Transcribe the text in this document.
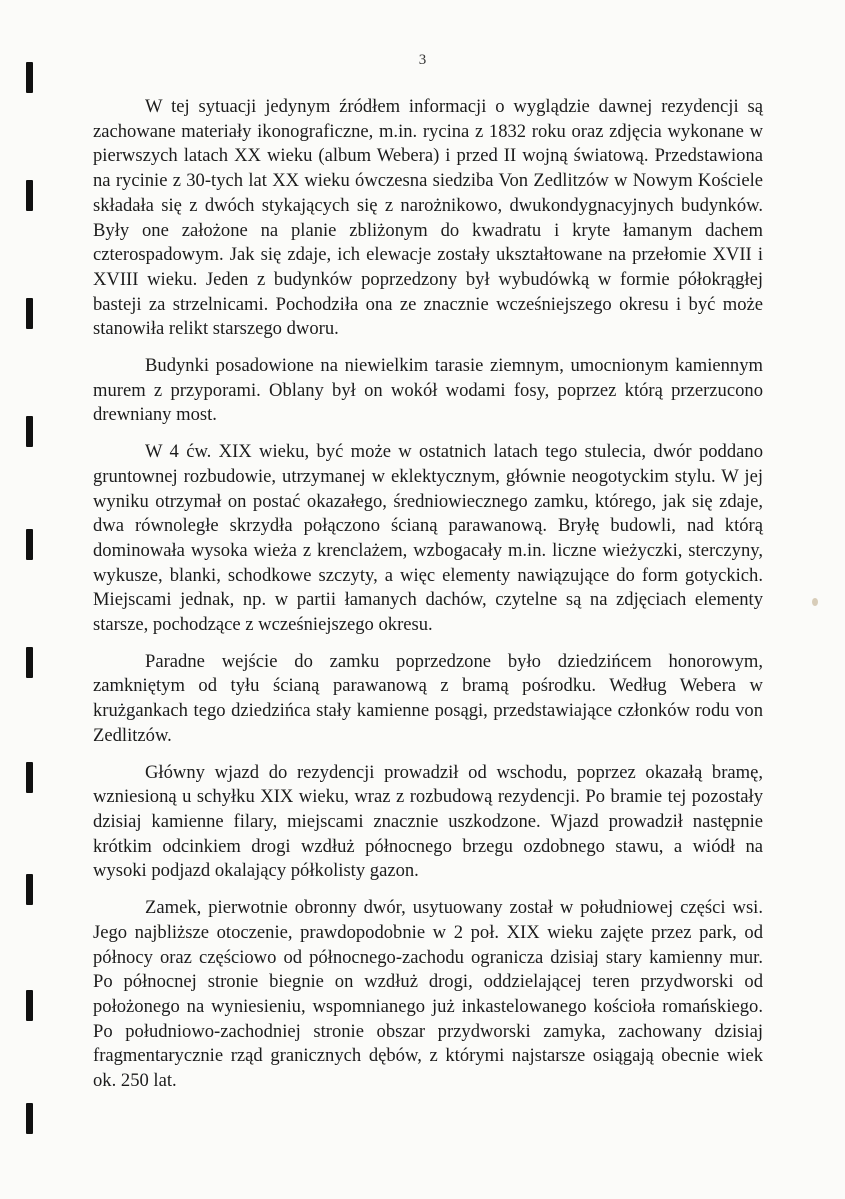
3

W tej sytuacji jedynym źródłem informacji o wyglądzie dawnej rezydencji są zachowane materiały ikonograficzne, m.in. rycina z 1832 roku oraz zdjęcia wykonane w pierwszych latach XX wieku (album Webera) i przed II wojną światową. Przedstawiona na rycinie z 30-tych lat XX wieku ówczesna siedziba Von Zedlitzów w Nowym Kościele składała się z dwóch stykających się z narożnikowo, dwukondygnacyjnych budynków. Były one założone na planie zbliżonym do kwadratu i kryte łamanym dachem czterospadowym. Jak się zdaje, ich elewacje zostały ukształtowane na przełomie XVII i XVIII wieku. Jeden z budynków poprzedzony był wybudówką w formie półokrągłej basteji za strzelnicami. Pochodziła ona ze znacznie wcześniejszego okresu i być może stanowiła relikt starszego dworu.

Budynki posadowione na niewielkim tarasie ziemnym, umocnionym kamiennym murem z przyporami. Oblany był on wokół wodami fosy, poprzez którą przerzucono drewniany most.

W 4 ćw. XIX wieku, być może w ostatnich latach tego stulecia, dwór poddano gruntownej rozbudowie, utrzymanej w eklektycznym, głównie neogotyckim stylu. W jej wyniku otrzymał on postać okazałego, średniowiecznego zamku, którego, jak się zdaje, dwa równoległe skrzydła połączono ścianą parawanową. Bryłę budowli, nad którą dominowała wysoka wieża z krenclażem, wzbogacały m.in. liczne wieżyczki, sterczyny, wykusze, blanki, schodkowe szczyty, a więc elementy nawiązujące do form gotyckich. Miejscami jednak, np. w partii łamanych dachów, czytelne są na zdjęciach elementy starsze, pochodzące z wcześniejszego okresu.

Paradne wejście do zamku poprzedzone było dziedzińcem honorowym, zamkniętym od tyłu ścianą parawanową z bramą pośrodku. Według Webera w krużgankach tego dziedzińca stały kamienne posągi, przedstawiające członków rodu von Zedlitzów.

Główny wjazd do rezydencji prowadził od wschodu, poprzez okazałą bramę, wzniesioną u schyłku XIX wieku, wraz z rozbudową rezydencji. Po bramie tej pozostały dzisiaj kamienne filary, miejscami znacznie uszkodzone. Wjazd prowadził następnie krótkim odcinkiem drogi wzdłuż północnego brzegu ozdobnego stawu, a wiódł na wysoki podjazd okalający półkolisty gazon.

Zamek, pierwotnie obronny dwór, usytuowany został w południowej części wsi. Jego najbliższe otoczenie, prawdopodobnie w 2 poł. XIX wieku zajęte przez park, od północy oraz częściowo od północnego-zachodu ogranicza dzisiaj stary kamienny mur. Po północnej stronie biegnie on wzdłuż drogi, oddzielającej teren przydworski od położonego na wyniesieniu, wspomnianego już inkastelowanego kościoła romańskiego. Po południowo-zachodniej stronie obszar przydworski zamyka, zachowany dzisiaj fragmentarycznie rząd granicznych dębów, z którymi najstarsze osiągają obecnie wiek ok. 250 lat.
